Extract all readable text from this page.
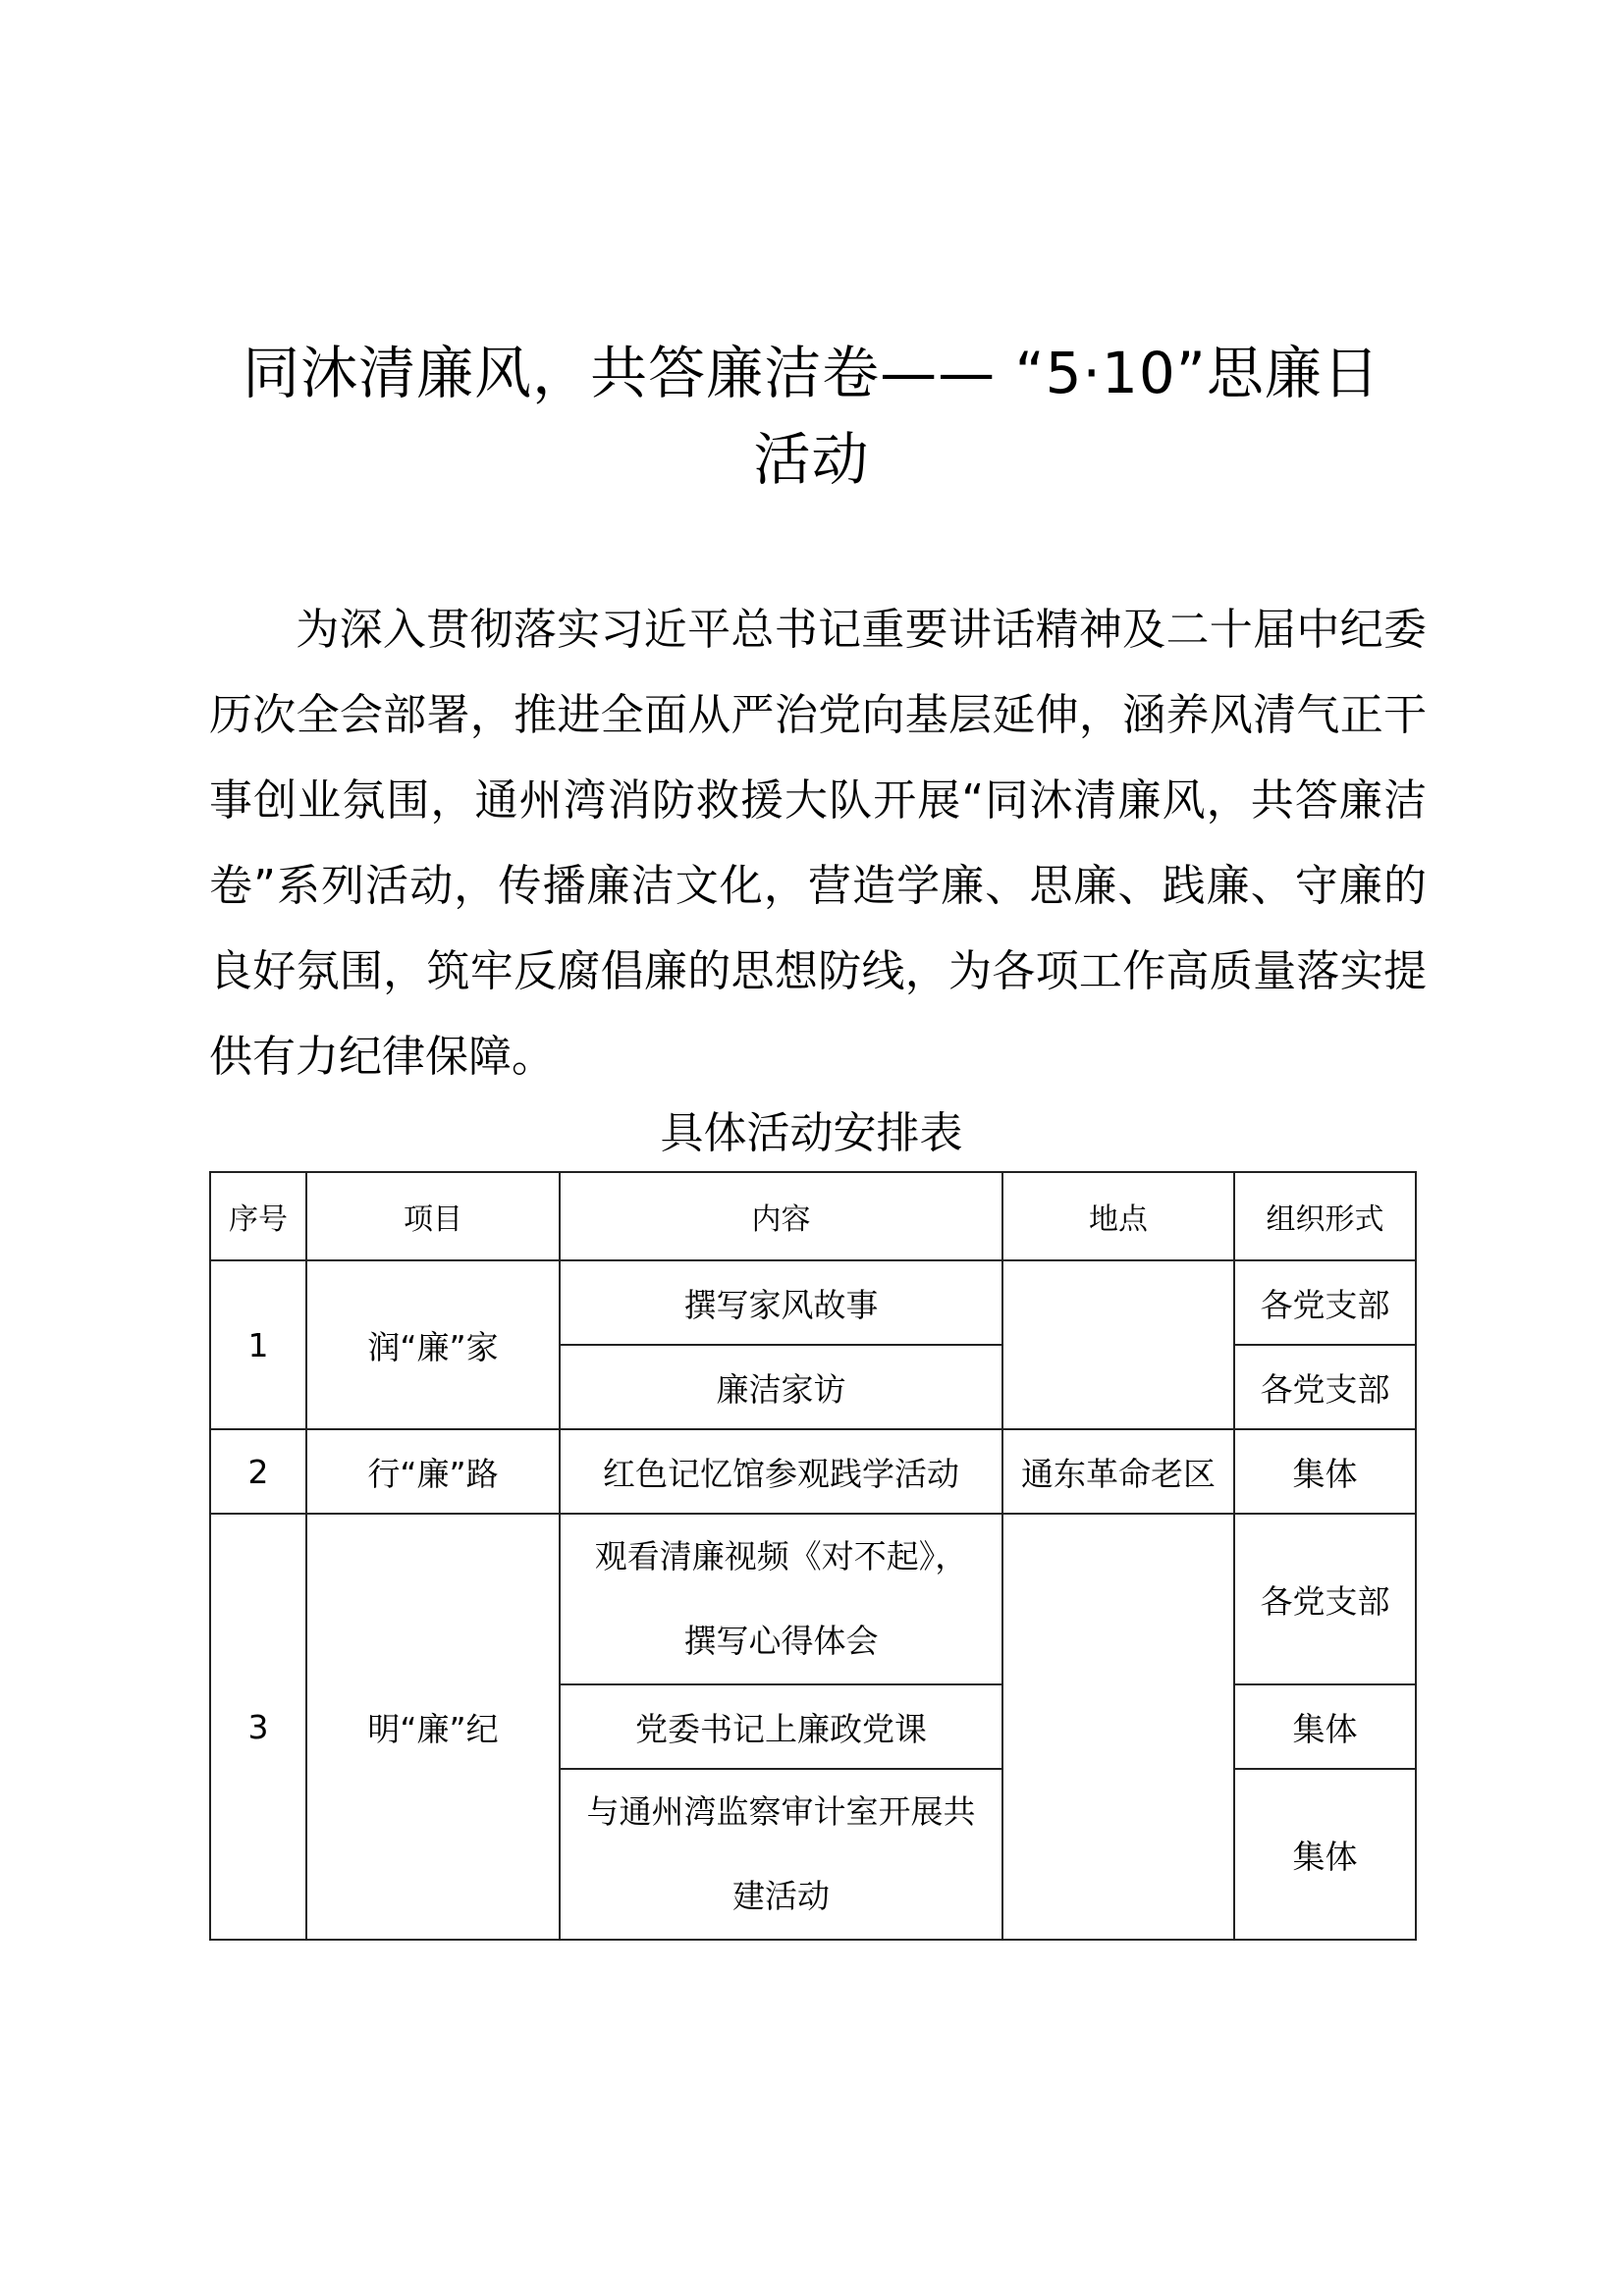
同沐清廉风，共答廉洁卷—— “5·10”思廉日
活动
为深入贯彻落实习近平总书记重要讲话精神及二十届中纪委历次全会部署，推进全面从严治党向基层延伸，涵养风清气正干事创业氛围，通州湾消防救援大队开展“同沐清廉风，共答廉洁卷”系列活动，传播廉洁文化，营造学廉、思廉、践廉、守廉的良好氛围，筑牢反腐倡廉的思想防线，为各项工作高质量落实提供有力纪律保障。
具体活动安排表
序号	项目	内容	地点	组织形式
1	润“廉”家	撰写家风故事		各党支部
		廉洁家访		各党支部
2	行“廉”路	红色记忆馆参观践学活动	通东革命老区	集体
3	明“廉”纪	观看清廉视频《对不起》，
撰写心得体会		各党支部
		党委书记上廉政党课		集体

		与通州湾监察审计室开展共
建活动		集体
